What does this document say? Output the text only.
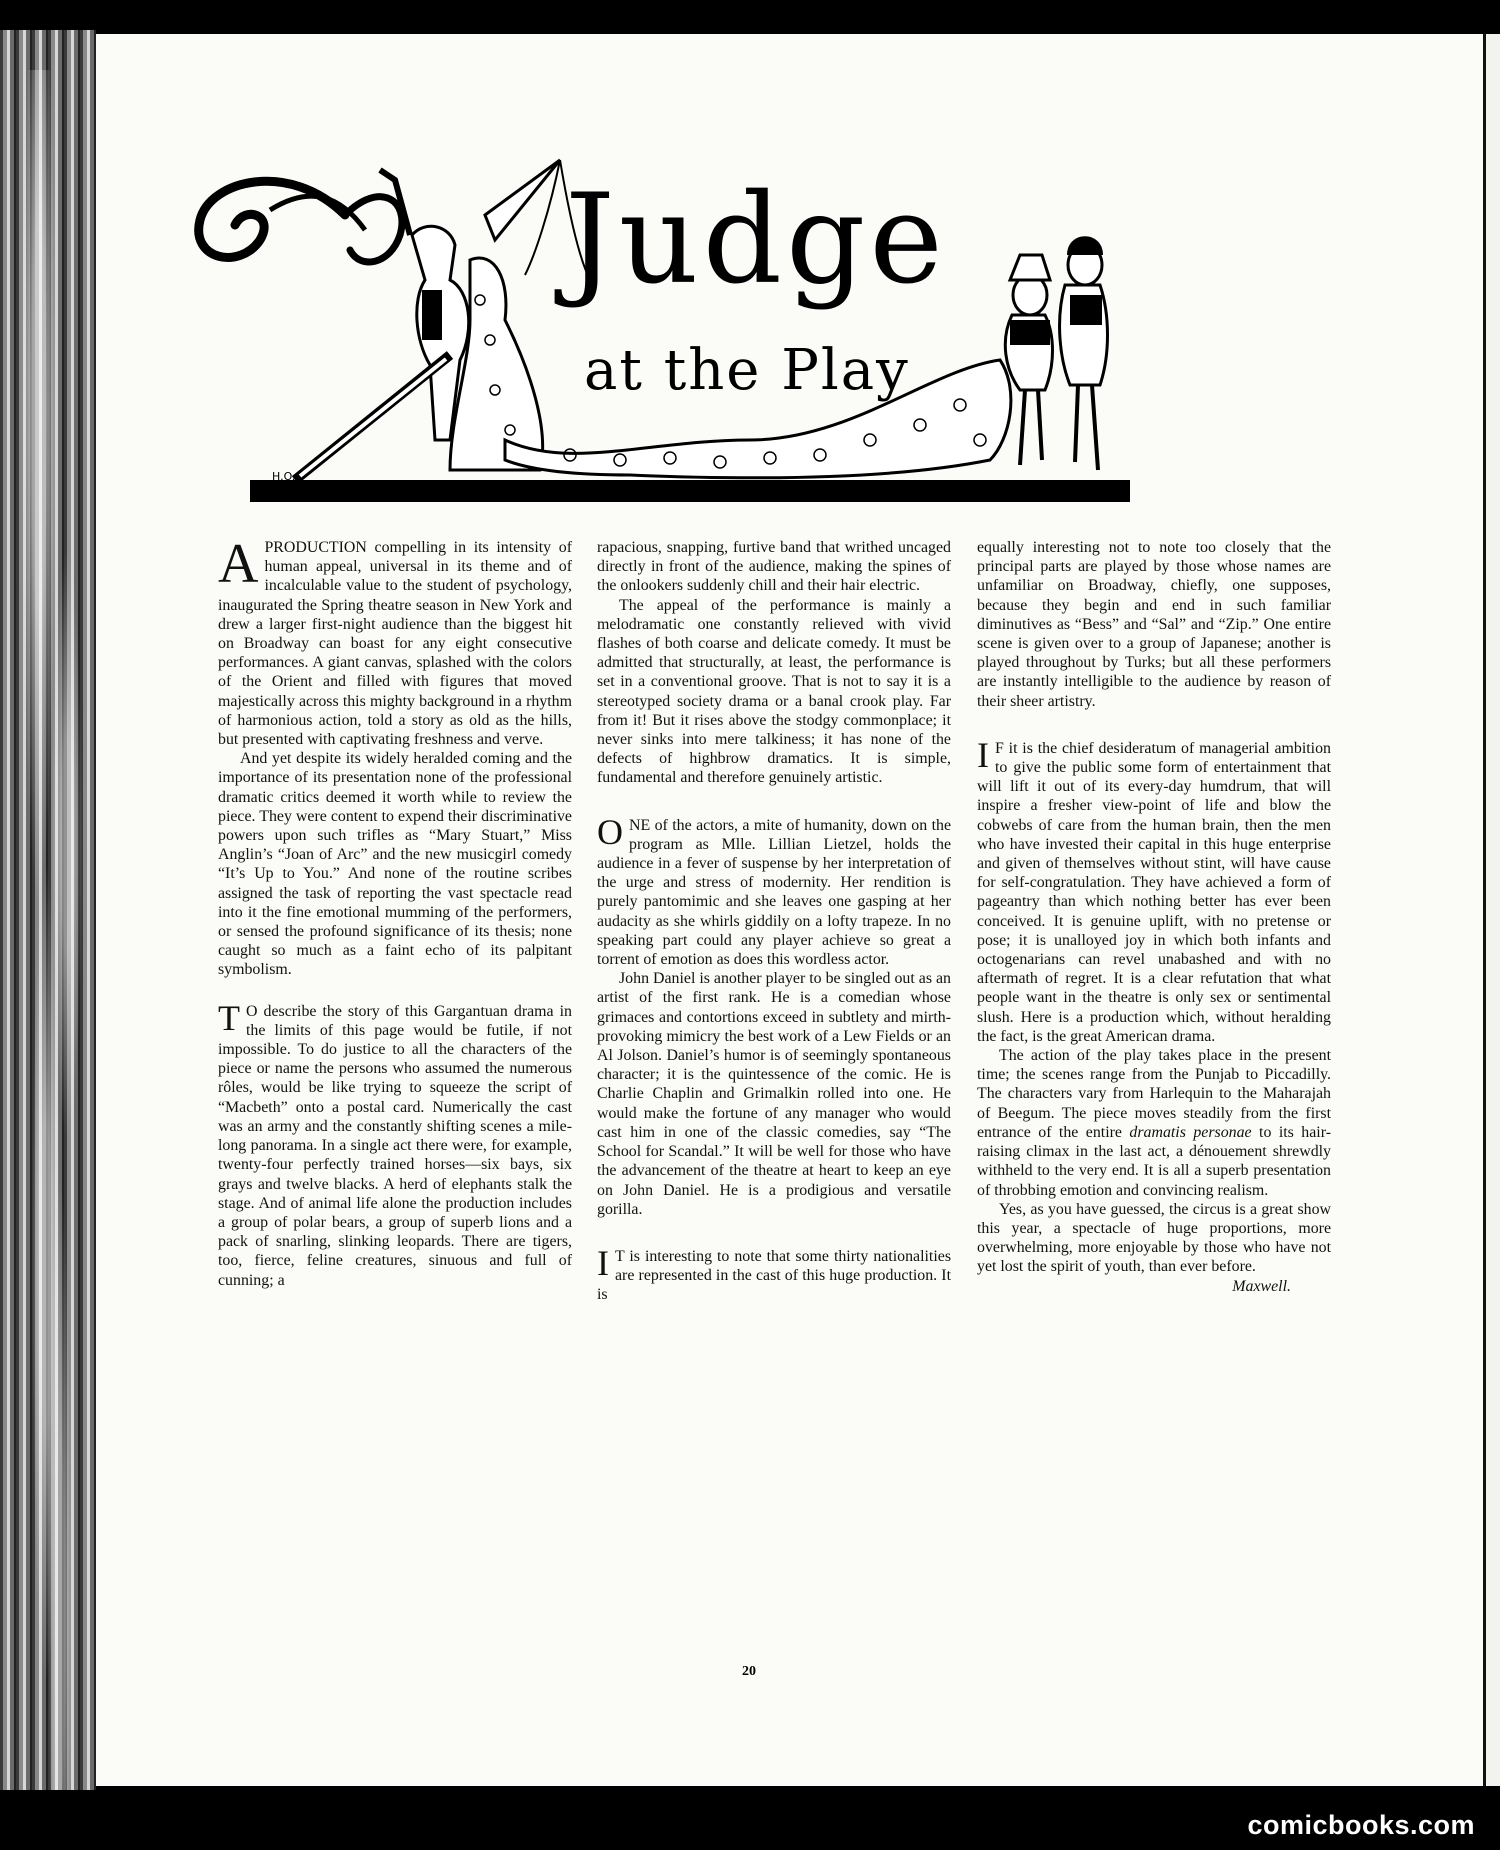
Judge
at the Play
H.O.

APRODUCTION compelling in its intensity of human appeal, universal in its theme and of incalculable value to the student of psychology, inaugurated the Spring theatre season in New York and drew a larger first-night audience than the biggest hit on Broadway can boast for any eight consecutive performances. A giant canvas, splashed with the colors of the Orient and filled with figures that moved majestically across this mighty background in a rhythm of harmonious action, told a story as old as the hills, but presented with captivating freshness and verve.

And yet despite its widely heralded coming and the importance of its presentation none of the professional dramatic critics deemed it worth while to review the piece. They were content to expend their discriminative powers upon such trifles as “Mary Stuart,” Miss Anglin’s “Joan of Arc” and the new musicgirl comedy “It’s Up to You.” And none of the routine scribes assigned the task of reporting the vast spectacle read into it the fine emotional mumming of the performers, or sensed the profound significance of its thesis; none caught so much as a faint echo of its palpitant symbolism.

T O describe the story of this Gargantuan drama in the limits of this page would be futile, if not impossible. To do justice to all the characters of the piece or name the persons who assumed the numerous rôles, would be like trying to squeeze the script of “Macbeth” onto a postal card. Numerically the cast was an army and the constantly shifting scenes a mile-long panorama. In a single act there were, for example, twenty-four perfectly trained horses—six bays, six grays and twelve blacks. A herd of elephants stalk the stage. And of animal life alone the production includes a group of polar bears, a group of superb lions and a pack of snarling, slinking leopards. There are tigers, too, fierce, feline creatures, sinuous and full of cunning; a

rapacious, snapping, furtive band that writhed uncaged directly in front of the audience, making the spines of the onlookers suddenly chill and their hair electric.

The appeal of the performance is mainly a melodramatic one constantly relieved with vivid flashes of both coarse and delicate comedy. It must be admitted that structurally, at least, the performance is set in a conventional groove. That is not to say it is a stereotyped society drama or a banal crook play. Far from it! But it rises above the stodgy commonplace; it never sinks into mere talkiness; it has none of the defects of highbrow dramatics. It is simple, fundamental and therefore genuinely artistic.

ONE of the actors, a mite of humanity, down on the program as Mlle. Lillian Lietzel, holds the audience in a fever of suspense by her interpretation of the urge and stress of modernity. Her rendition is purely pantomimic and she leaves one gasping at her audacity as she whirls giddily on a lofty trapeze. In no speaking part could any player achieve so great a torrent of emotion as does this wordless actor.

John Daniel is another player to be singled out as an artist of the first rank. He is a comedian whose grimaces and contortions exceed in subtlety and mirth-provoking mimicry the best work of a Lew Fields or an Al Jolson. Daniel’s humor is of seemingly spontaneous character; it is the quintessence of the comic. He is Charlie Chaplin and Grimalkin rolled into one. He would make the fortune of any manager who would cast him in one of the classic comedies, say “The School for Scandal.” It will be well for those who have the advancement of the theatre at heart to keep an eye on John Daniel. He is a prodigious and versatile gorilla.

I T is interesting to note that some thirty nationalities are represented in the cast of this huge production. It is

equally interesting not to note too closely that the principal parts are played by those whose names are unfamiliar on Broadway, chiefly, one supposes, because they begin and end in such familiar diminutives as “Bess” and “Sal” and “Zip.” One entire scene is given over to a group of Japanese; another is played throughout by Turks; but all these performers are instantly intelligible to the audience by reason of their sheer artistry.

I F it is the chief desideratum of managerial ambition to give the public some form of entertainment that will lift it out of its every-day humdrum, that will inspire a fresher view-point of life and blow the cobwebs of care from the human brain, then the men who have invested their capital in this huge enterprise and given of themselves without stint, will have cause for self-congratulation. They have achieved a form of pageantry than which nothing better has ever been conceived. It is genuine uplift, with no pretense or pose; it is unalloyed joy in which both infants and octogenarians can revel unabashed and with no aftermath of regret. It is a clear refutation that what people want in the theatre is only sex or sentimental slush. Here is a production which, without heralding the fact, is the great American drama.

The action of the play takes place in the present time; the scenes range from the Punjab to Piccadilly. The characters vary from Harlequin to the Maharajah of Beegum. The piece moves steadily from the first entrance of the entire dramatis personae to its hair-raising climax in the last act, a dénouement shrewdly withheld to the very end. It is all a superb presentation of throbbing emotion and convincing realism.

Yes, as you have guessed, the circus is a great show this year, a spectacle of huge proportions, more overwhelming, more enjoyable by those who have not yet lost the spirit of youth, than ever before.

Maxwell.

20
comicbooks.com
